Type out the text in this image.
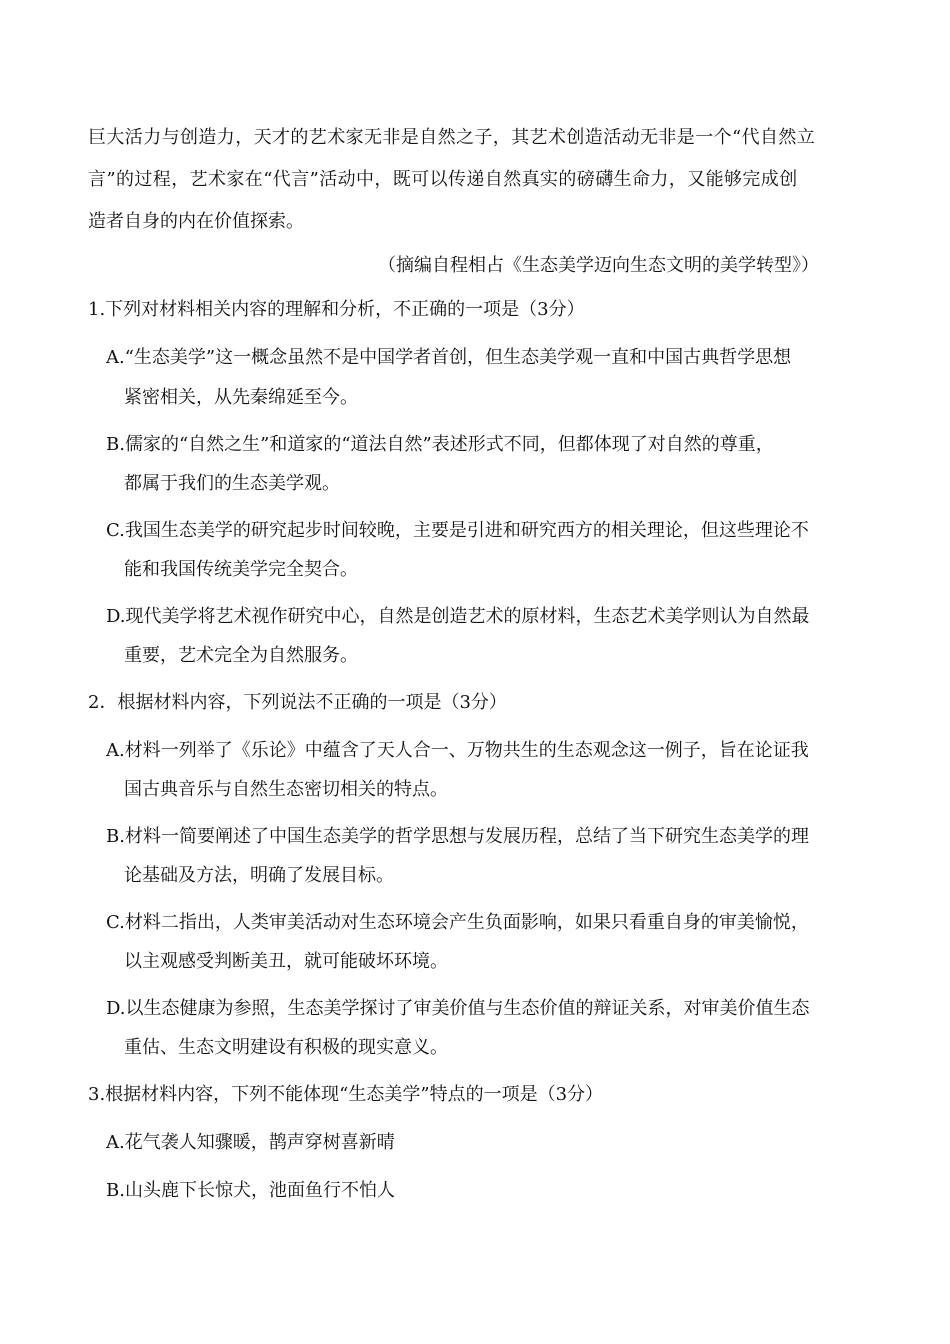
巨大活力与创造力，天才的艺术家无非是自然之子，其艺术创造活动无非是一个“代自然立
言”的过程，艺术家在“代言”活动中，既可以传递自然真实的磅礴生命力，又能够完成创
造者自身的内在价值探索。
（摘编自程相占《生态美学迈向生态文明的美学转型》）
1.下列对材料相关内容的理解和分析，不正确的一项是（3分）
A.“生态美学”这一概念虽然不是中国学者首创，但生态美学观一直和中国古典哲学思想
紧密相关，从先秦绵延至今。
B.儒家的“自然之生”和道家的“道法自然”表述形式不同，但都体现了对自然的尊重，
都属于我们的生态美学观。
C.我国生态美学的研究起步时间较晚，主要是引进和研究西方的相关理论，但这些理论不
能和我国传统美学完全契合。
D.现代美学将艺术视作研究中心，自然是创造艺术的原材料，生态艺术美学则认为自然最
重要，艺术完全为自然服务。
2．根据材料内容，下列说法不正确的一项是（3分）
A.材料一列举了《乐论》中蕴含了天人合一、万物共生的生态观念这一例子，旨在论证我
国古典音乐与自然生态密切相关的特点。
B.材料一简要阐述了中国生态美学的哲学思想与发展历程，总结了当下研究生态美学的理
论基础及方法，明确了发展目标。
C.材料二指出，人类审美活动对生态环境会产生负面影响，如果只看重自身的审美愉悦，
以主观感受判断美丑，就可能破坏环境。
D.以生态健康为参照，生态美学探讨了审美价值与生态价值的辩证关系，对审美价值生态
重估、生态文明建设有积极的现实意义。
3.根据材料内容，下列不能体现“生态美学”特点的一项是（3分）
A.花气袭人知骤暖，鹊声穿树喜新晴
B.山头鹿下长惊犬，池面鱼行不怕人
